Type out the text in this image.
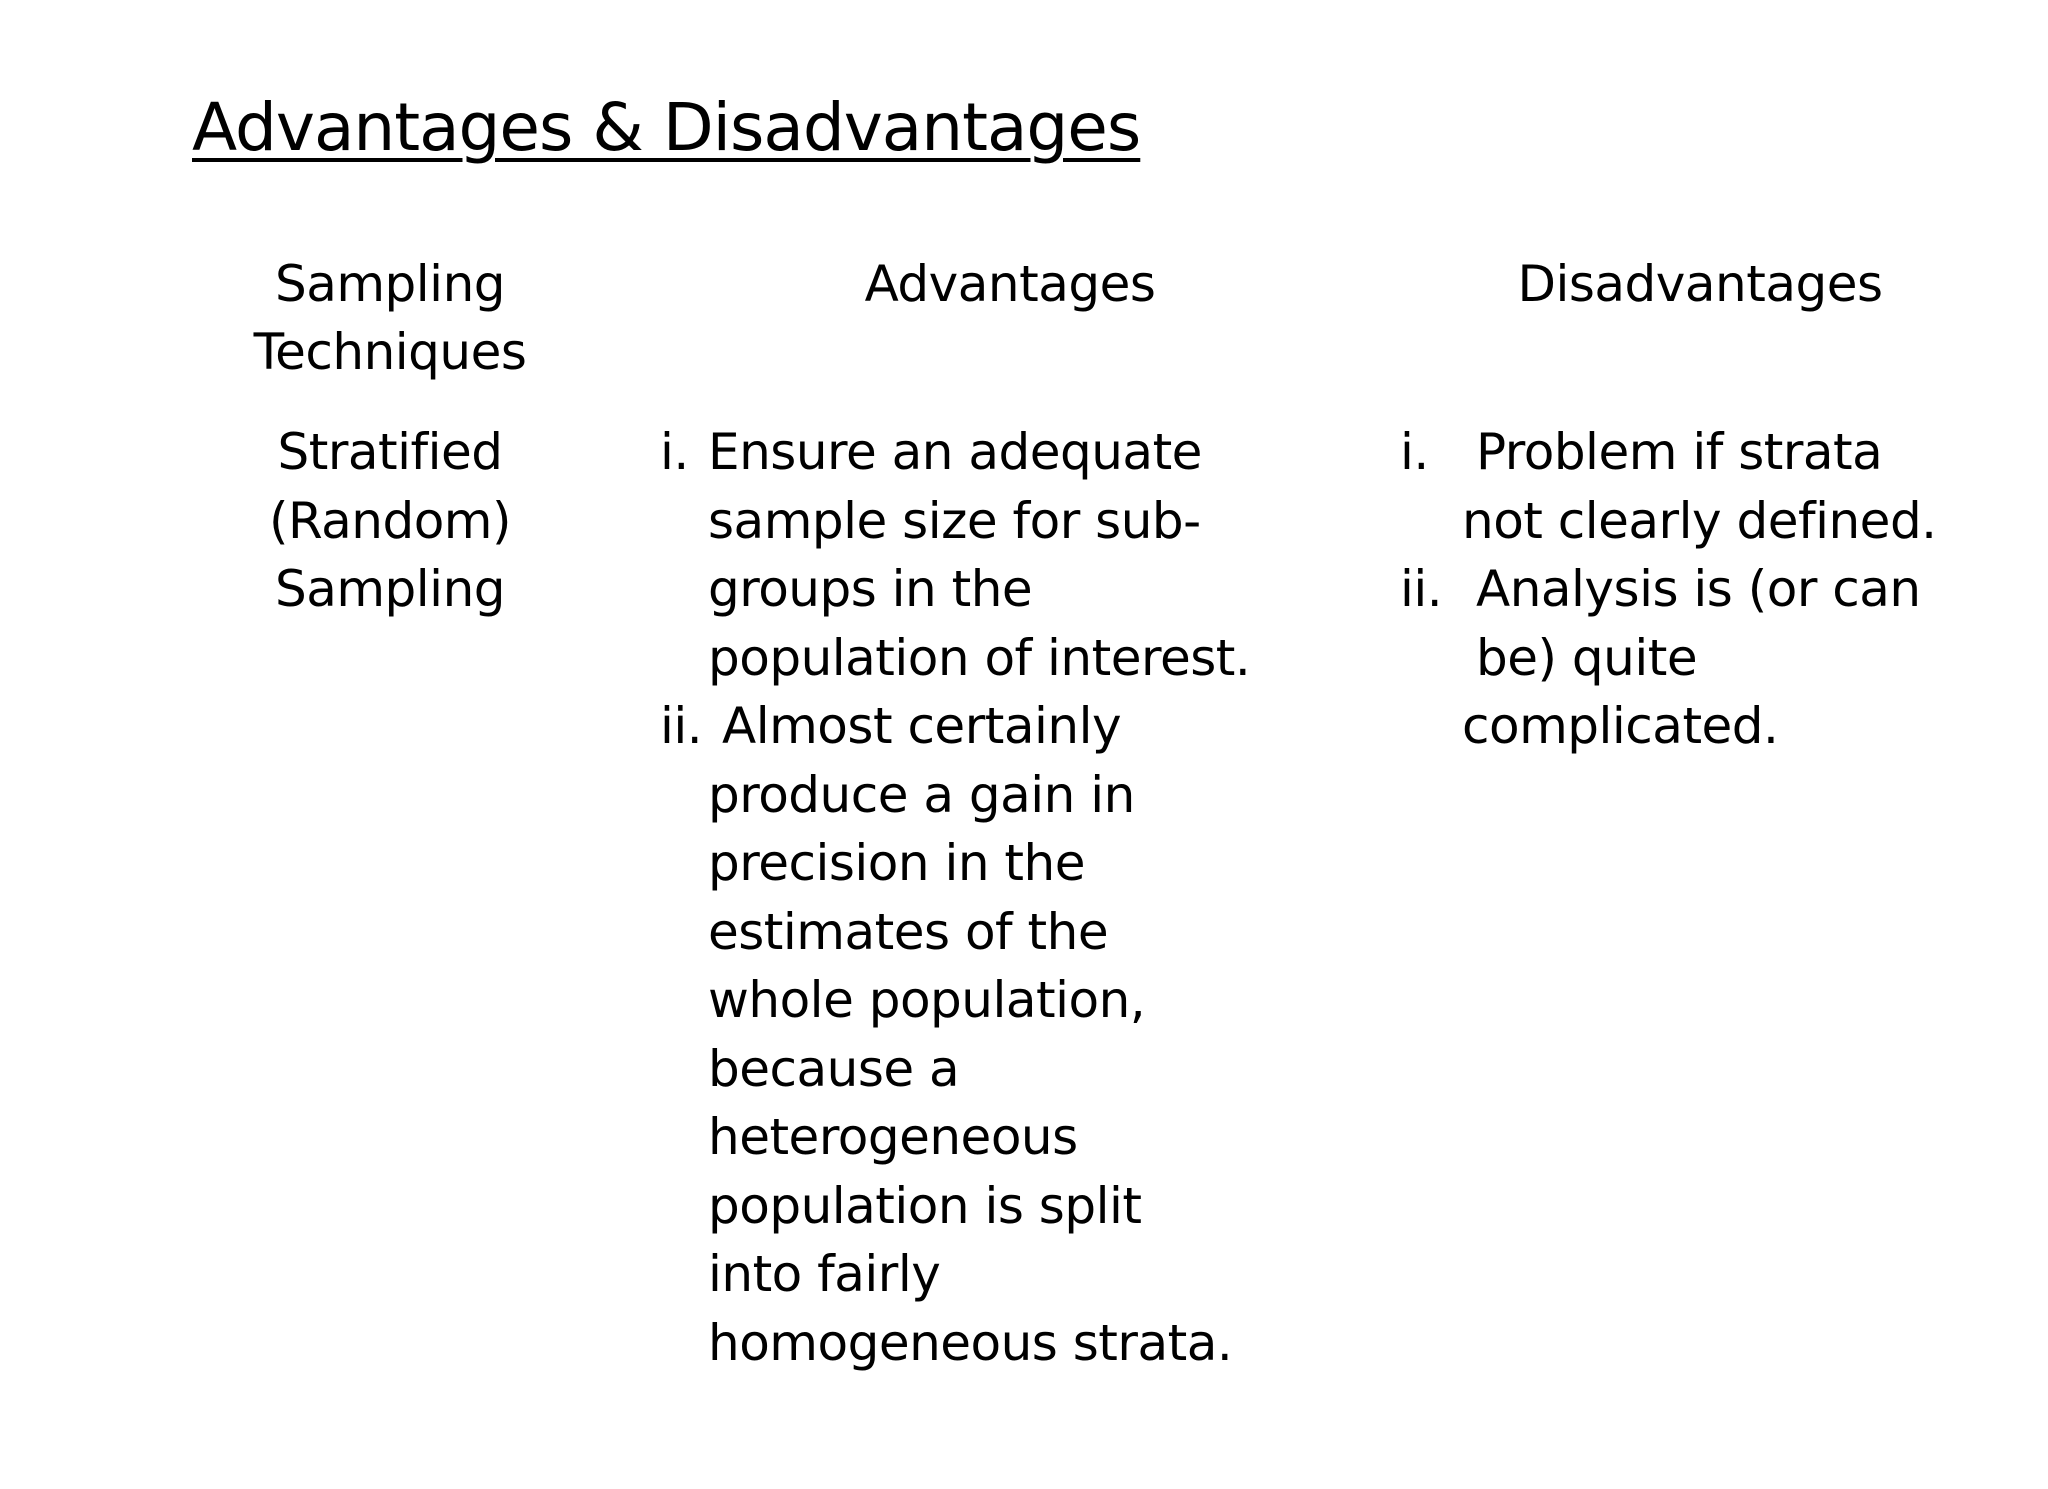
Advantages & Disadvantages
Sampling
Techniques
Advantages	Disadvantages
Stratified
(Random)
Sampling
i. Ensure an adequate
sample size for sub-
groups in the
population of interest.
ii. Almost certainly
produce a gain in
precision in the
estimates of the
whole population,
because a
heterogeneous
population is split
into fairly
homogeneous strata.
i. Problem if strata
not clearly defined.
ii. Analysis is (or can
be) quite
complicated.
